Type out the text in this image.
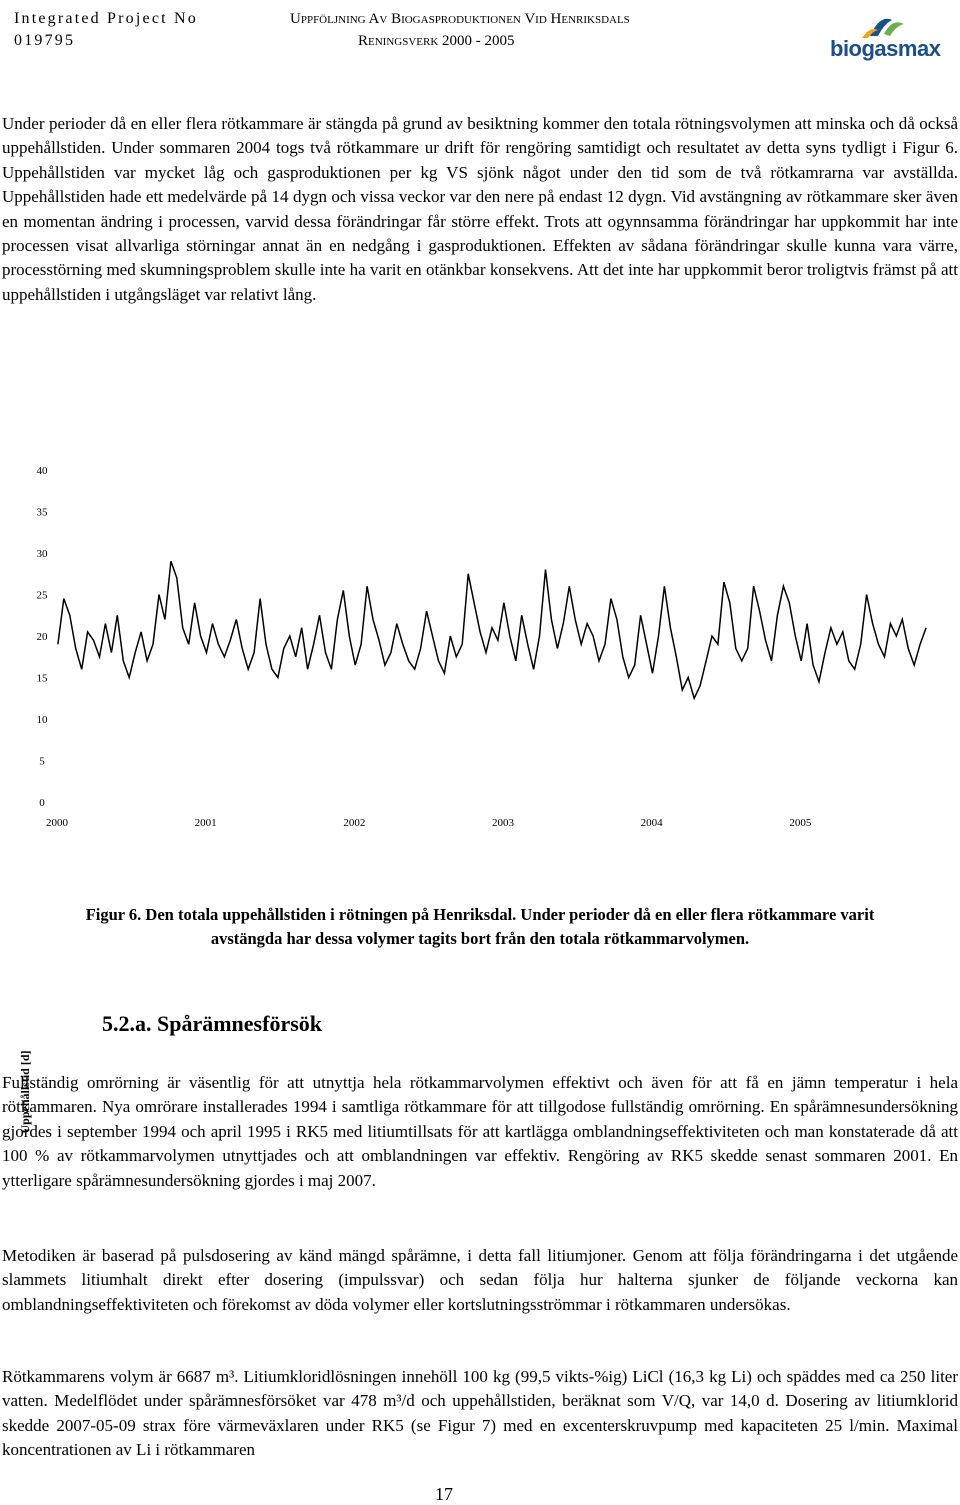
Integrated Project No
019795
Uppföljning Av Biogasproduktionen Vid Henriksdals
Reningsverk 2000 - 2005	biogasmax

Under perioder då en eller flera rötkammare är stängda på grund av besiktning kommer den totala rötningsvolymen att minska och då också uppehållstiden. Under sommaren 2004 togs två rötkammare ur drift för rengöring samtidigt och resultatet av detta syns tydligt i Figur 6. Uppehållstiden var mycket låg och gasproduktionen per kg VS sjönk något under den tid som de två rötkamrarna var avställda. Uppehållstiden hade ett medelvärde på 14 dygn och vissa veckor var den nere på endast 12 dygn. Vid avstängning av rötkammare sker även en momentan ändring i processen, varvid dessa förändringar får större effekt. Trots att ogynnsamma förändringar har uppkommit har inte processen visat allvarliga störningar annat än en nedgång i gasproduktionen. Effekten av sådana förändringar skulle kunna vara värre, processtörning med skumningsproblem skulle inte ha varit en otänkbar konsekvens. Att det inte har uppkommit beror troligtvis främst på att uppehållstiden i utgångsläget var relativt lång.

Uppehållstid [d]
0
5
10
15
20
25
30
35
40
2000	2001	2002	2003	2004	2005
Figur 6. Den totala uppehållstiden i rötningen på Henriksdal. Under perioder då en eller flera rötkammare varit
avstängda har dessa volymer tagits bort från den totala rötkammarvolymen.
5.2.a. Spårämnesförsök

Fullständig omrörning är väsentlig för att utnyttja hela rötkammarvolymen effektivt och även för att få en jämn temperatur i hela rötkammaren. Nya omrörare installerades 1994 i samtliga rötkammare för att tillgodose fullständig omrörning. En spårämnesundersökning gjordes i september 1994 och april 1995 i RK5 med litiumtillsats för att kartlägga omblandningseffektiviteten och man konstaterade då att 100 % av rötkammarvolymen utnyttjades och att omblandningen var effektiv. Rengöring av RK5 skedde senast sommaren 2001. En ytterligare spårämnesundersökning gjordes i maj 2007.

Metodiken är baserad på pulsdosering av känd mängd spårämne, i detta fall litiumjoner. Genom att följa förändringarna i det utgående slammets litiumhalt direkt efter dosering (impulssvar) och sedan följa hur halterna sjunker de följande veckorna kan omblandningseffektiviteten och förekomst av döda volymer eller kortslutningsströmmar i rötkammaren undersökas.

Rötkammarens volym är 6687 m³. Litiumkloridlösningen innehöll 100 kg (99,5 vikts-%ig) LiCl (16,3 kg Li) och späddes med ca 250 liter vatten. Medelflödet under spårämnesförsöket var 478 m³/d och uppehållstiden, beräknat som V/Q, var 14,0 d. Dosering av litiumklorid skedde 2007-05-09 strax före värmeväxlaren under RK5 (se Figur 7) med en excenterskruvpump med kapaciteten 25 l/min. Maximal koncentrationen av Li i rötkammaren

17
